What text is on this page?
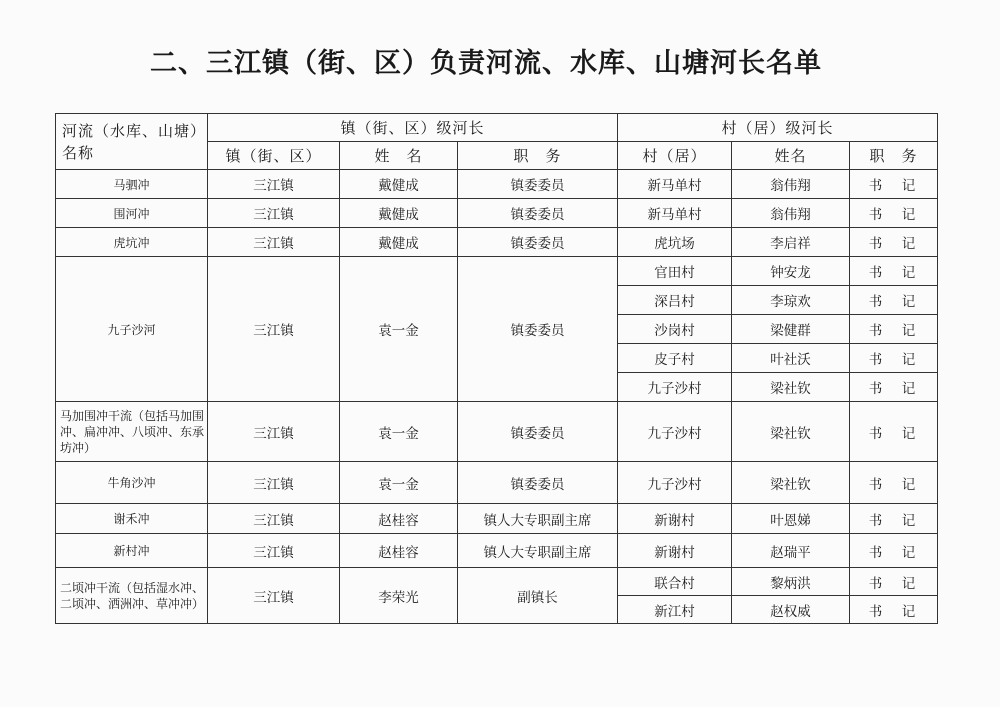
二、三江镇（街、区）负责河流、水库、山塘河长名单
河流（水库、山塘）名称	镇（街、区）级河长			村（居）级河长		
	镇（街、区）	姓　名	职　务	村（居）	姓名	职　务
马驷冲	三江镇	戴健成	镇委委员	新马单村	翁伟翔	书　记
围河冲	三江镇	戴健成	镇委委员	新马单村	翁伟翔	书　记
虎坑冲	三江镇	戴健成	镇委委员	虎坑场	李启祥	书　记
九子沙河	三江镇	袁一金	镇委委员	官田村	钟安龙	书　记
				深吕村	李琼欢	书　记
				沙岗村	梁健群	书　记
				皮子村	叶社沃	书　记
				九子沙村	梁社钦	书　记
马加围冲干流（包括马加围冲、扁冲冲、八顷冲、东承坊冲）	三江镇	袁一金	镇委委员	九子沙村	梁社钦	书　记
牛角沙冲	三江镇	袁一金	镇委委员	九子沙村	梁社钦	书　记
谢禾冲	三江镇	赵桂容	镇人大专职副主席	新谢村	叶恩娣	书　记
新村冲	三江镇	赵桂容	镇人大专职副主席	新谢村	赵瑞平	书　记
二顷冲干流（包括湿水冲、二顷冲、洒洲冲、草冲冲）	三江镇	李荣光	副镇长	联合村	黎炳洪	书　记
				新江村	赵权威	书　记
